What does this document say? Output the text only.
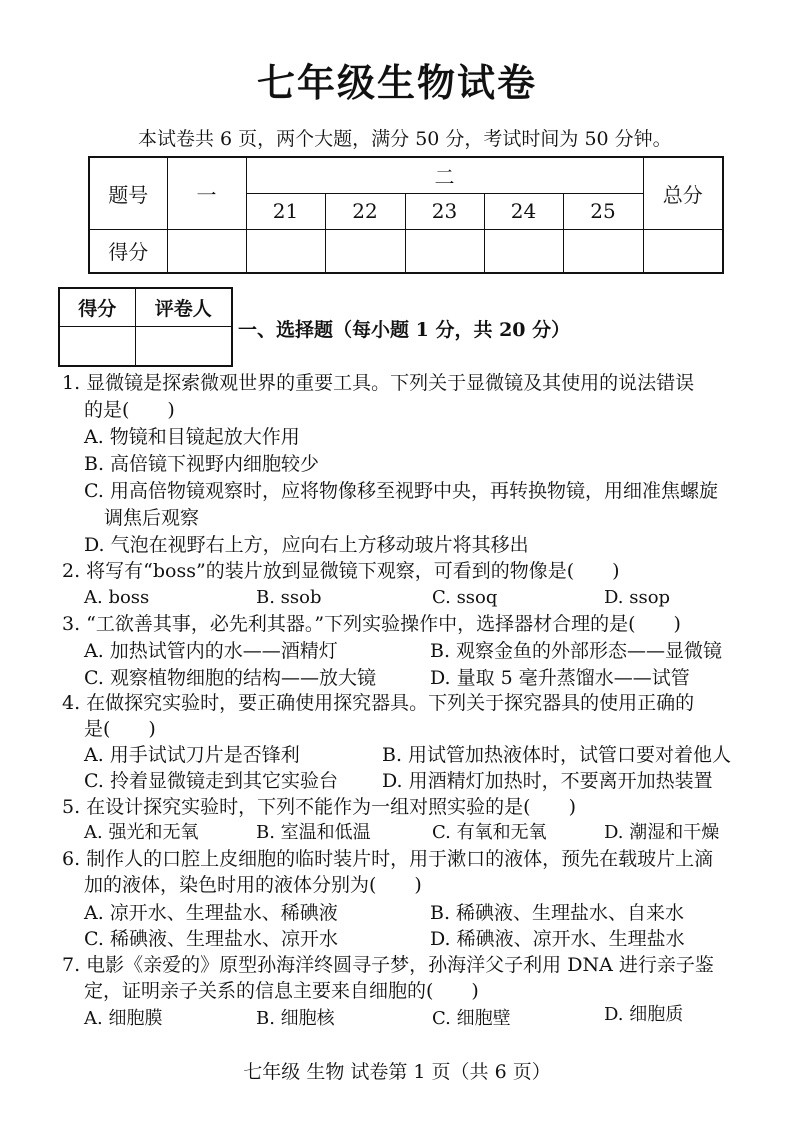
七年级生物试卷
本试卷共 6 页，两个大题，满分 50 分，考试时间为 50 分钟。
题号	一	二					总分
		21	22	23	24	25	
得分							
得分	评卷人

一、选择题（每小题 1 分，共 20 分）
1. 显微镜是探索微观世界的重要工具。下列关于显微镜及其使用的说法错误
的是(　　)
A. 物镜和目镜起放大作用
B. 高倍镜下视野内细胞较少
C. 用高倍物镜观察时，应将物像移至视野中央，再转换物镜，用细准焦螺旋
调焦后观察
D. 气泡在视野右上方，应向右上方移动玻片将其移出
2. 将写有“boss”的装片放到显微镜下观察，可看到的物像是(　　)
A. boss	B. ssob	C. ssoq	D. ssop
3. “工欲善其事，必先利其器。”下列实验操作中，选择器材合理的是(　　)
A. 加热试管内的水——酒精灯	B. 观察金鱼的外部形态——显微镜
C. 观察植物细胞的结构——放大镜	D. 量取 5 毫升蒸馏水——试管
4. 在做探究实验时，要正确使用探究器具。下列关于探究器具的使用正确的
是(　　)
A. 用手试试刀片是否锋利	B. 用试管加热液体时，试管口要对着他人
C. 拎着显微镜走到其它实验台 D. 用酒精灯加热时，不要离开加热装置
5. 在设计探究实验时，下列不能作为一组对照实验的是(　　)
A. 强光和无氧	B. 室温和低温	C. 有氧和无氧	D. 潮湿和干燥
6. 制作人的口腔上皮细胞的临时装片时，用于漱口的液体，预先在载玻片上滴
加的液体，染色时用的液体分别为(　　)
A. 凉开水、生理盐水、稀碘液	B. 稀碘液、生理盐水、自来水
C. 稀碘液、生理盐水、凉开水	D. 稀碘液、凉开水、生理盐水
7. 电影《亲爱的》原型孙海洋终圆寻子梦，孙海洋父子利用 DNA 进行亲子鉴
定，证明亲子关系的信息主要来自细胞的(　　)
A. 细胞膜	B. 细胞核	C. 细胞壁	D. 细胞质
七年级 生物 试卷第 1 页（共 6 页）
